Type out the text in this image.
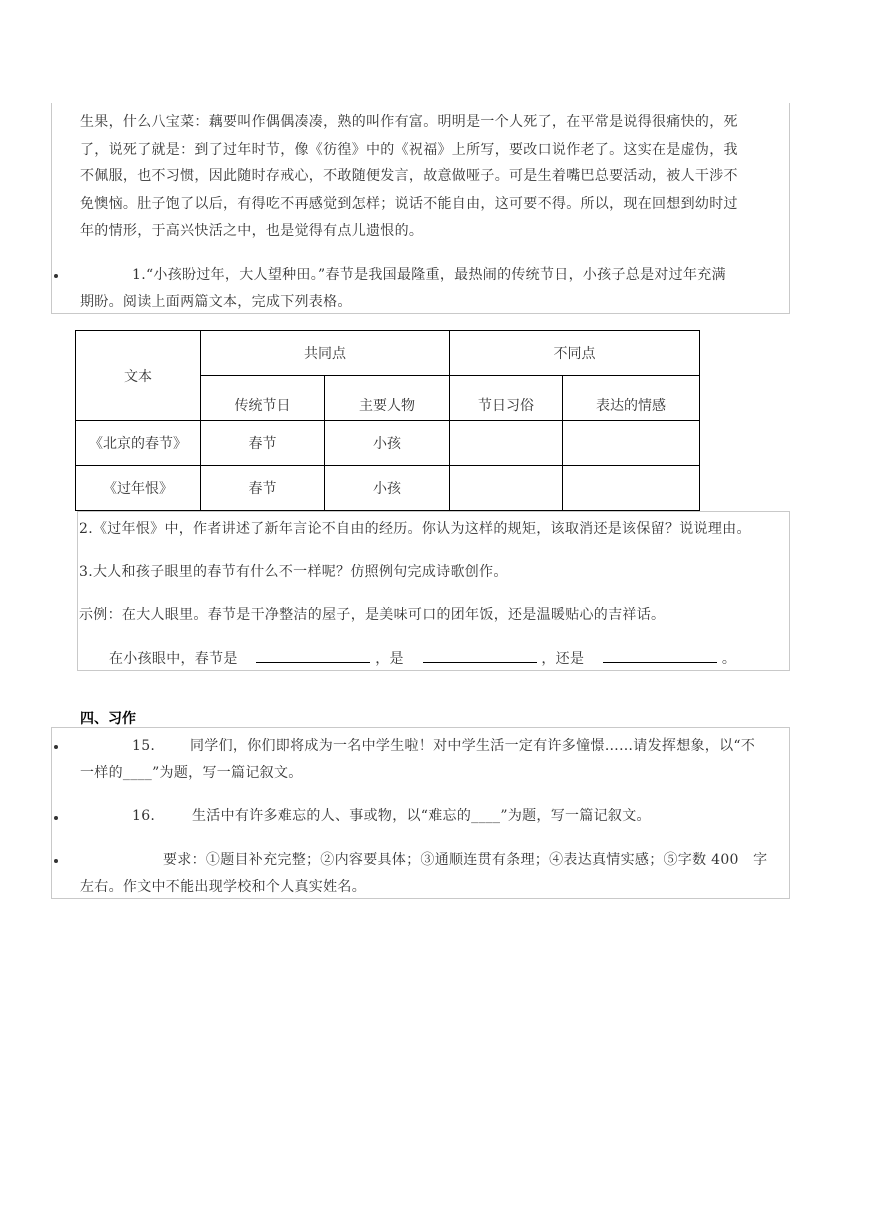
生果，什么八宝菜：藕要叫作偶偶凑凑，熟的叫作有富。明明是一个人死了，在平常是说得很痛快的，死
了，说死了就是：到了过年时节，像《彷徨》中的《祝福》上所写，要改口说作老了。这实在是虚伪，我
不佩服，也不习惯，因此随时存戒心，不敢随便发言，故意做哑子。可是生着嘴巴总要活动，被人干涉不
免懊恼。肚子饱了以后，有得吃不再感觉到怎样；说话不能自由，这可要不得。所以，现在回想到幼时过
年的情形，于高兴快活之中，也是觉得有点儿遗恨的。
1.“小孩盼过年，大人望种田。”春节是我国最隆重，最热闹的传统节日，小孩子总是对过年充满
期盼。阅读上面两篇文本，完成下列表格。
文本	共同点		不同点	
	传统节日	主要人物	节日习俗	表达的情感
《北京的春节》	春节	小孩		
《过年恨》	春节	小孩		
2.《过年恨》中，作者讲述了新年言论不自由的经历。你认为这样的规矩，该取消还是该保留？说说理由。
3.大人和孩子眼里的春节有什么不一样呢？仿照例句完成诗歌创作。
示例：在大人眼里。春节是干净整洁的屋子，是美味可口的团年饭，还是温暖贴心的吉祥话。
在小孩眼中，春节是	，是	，还是	。
四、习作
15. 同学们，你们即将成为一名中学生啦！对中学生活一定有许多憧憬……请发挥想象，以“不
一样的____”为题，写一篇记叙文。
16.	生活中有许多难忘的人、事或物，以“难忘的____”为题，写一篇记叙文。
要求：①题目补充完整；②内容要具体；③通顺连贯有条理；④表达真情实感；⑤字数 400　字
左右。作文中不能出现学校和个人真实姓名。
